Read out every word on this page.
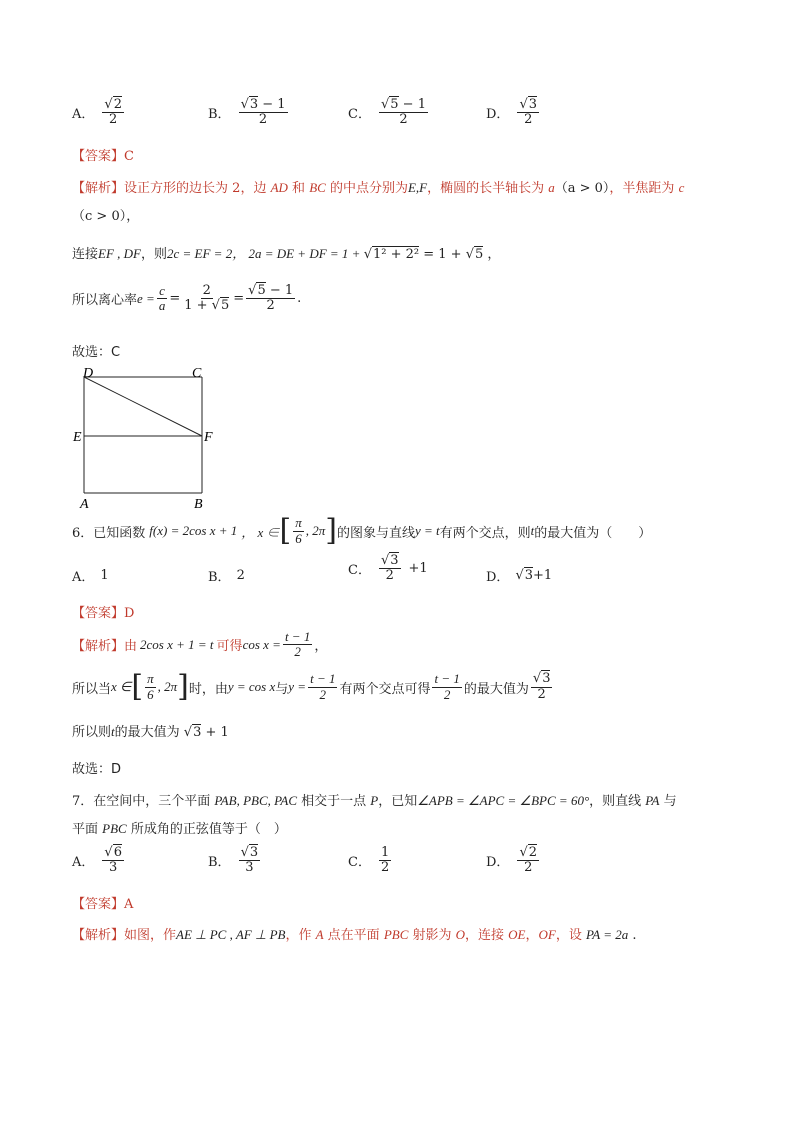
A． $\frac{√2}{2}$	B． $\frac{√3 - 1}{2}$	C． $\frac{√5 - 1}{2}$	D． $\frac{√3}{2}$
【答案】C
【解析】设正方形的边长为 2，边 AD 和 BC 的中点分别为E,F，椭圆的长半轴长为 a（a > 0），半焦距为 c
（c > 0），
连接EF , DF，则2c = EF = 2， 2a = DE + DF = 1 + √1² + 2² = 1 + √5 ，
所以离心率 $e = \frac{c}{a} = \frac{2}{1 + √5} = \frac{√5 - 1}{2}$ .
故选：C
D	C
E	F
A	B
6． 已知函数 f(x) = 2cos x + 1 ， x ∈ [ $\frac{\pi}{6}$ , 2π ] 的图象与直线 y = t 有两个交点，则 t 的最大值为（　　）
A． 1	B． 2	C． $\frac{√3}{2} +1$
D． √3+1
【答案】D
【解析】 由 2cos x + 1 = t 可得 $\cos x = \frac{t - 1}{2}$ ，
所以当 x ∈ [ $\frac{\pi}{6}$ , 2π ] 时，由 y = cos x 与 $y = \frac{t - 1}{2}$ 有两个交点可得 $\frac{t - 1}{2}$ 的最大值为 $\frac{√3}{2}$
所以则t的最大值为 √3 + 1
故选：D
7．在空间中，三个平面 PAB, PBC, PAC 相交于一点 P，已知∠APB = ∠APC = ∠BPC = 60°，则直线 PA 与
平面 PBC 所成角的正弦值等于（　）
A． $\frac{√6}{3}$	B． $\frac{√3}{3}$	C． $\frac{1}{2}$	D． $\frac{√2}{2}$
【答案】A
【解析】如图，作AE ⊥ PC , AF ⊥ PB，作 A 点在平面 PBC 射影为 O，连接 OE，OF，设 PA = 2a .
